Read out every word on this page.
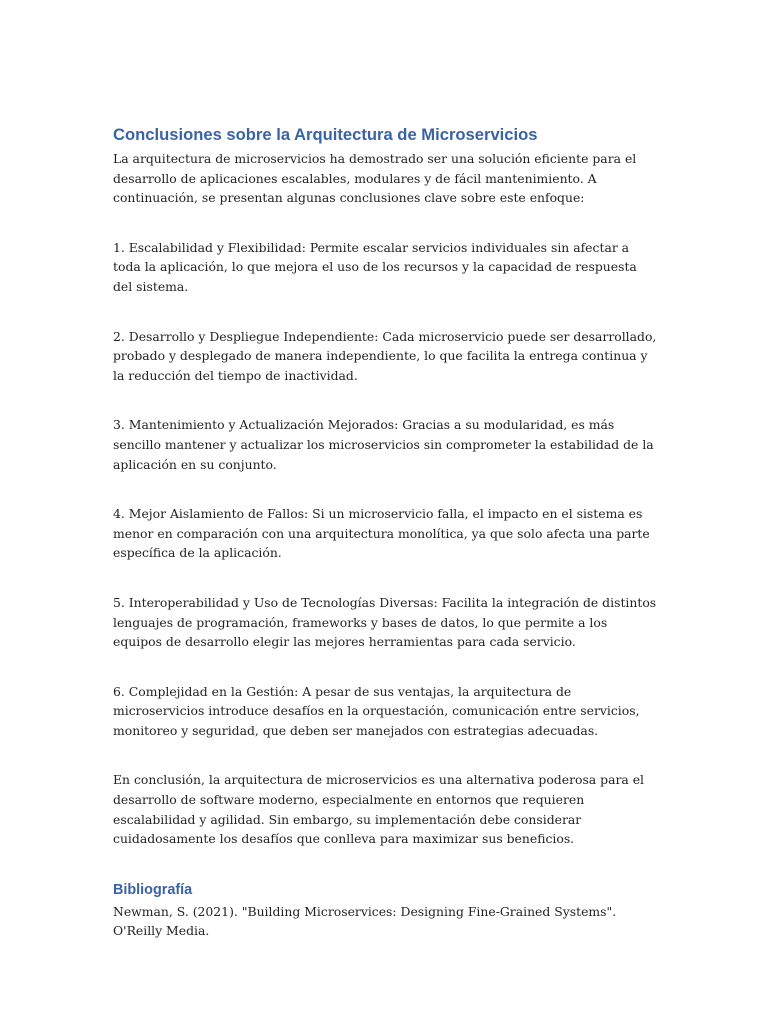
Conclusiones sobre la Arquitectura de Microservicios

La arquitectura de microservicios ha demostrado ser una solución eficiente para el desarrollo de aplicaciones escalables, modulares y de fácil mantenimiento. A continuación, se presentan algunas conclusiones clave sobre este enfoque:

1. Escalabilidad y Flexibilidad: Permite escalar servicios individuales sin afectar a toda la aplicación, lo que mejora el uso de los recursos y la capacidad de respuesta del sistema.

2. Desarrollo y Despliegue Independiente: Cada microservicio puede ser desarrollado, probado y desplegado de manera independiente, lo que facilita la entrega continua y la reducción del tiempo de inactividad.

3. Mantenimiento y Actualización Mejorados: Gracias a su modularidad, es más sencillo mantener y actualizar los microservicios sin comprometer la estabilidad de la aplicación en su conjunto.

4. Mejor Aislamiento de Fallos: Si un microservicio falla, el impacto en el sistema es menor en comparación con una arquitectura monolítica, ya que solo afecta una parte específica de la aplicación.

5. Interoperabilidad y Uso de Tecnologías Diversas: Facilita la integración de distintos lenguajes de programación, frameworks y bases de datos, lo que permite a los equipos de desarrollo elegir las mejores herramientas para cada servicio.

6. Complejidad en la Gestión: A pesar de sus ventajas, la arquitectura de microservicios introduce desafíos en la orquestación, comunicación entre servicios, monitoreo y seguridad, que deben ser manejados con estrategias adecuadas.

En conclusión, la arquitectura de microservicios es una alternativa poderosa para el desarrollo de software moderno, especialmente en entornos que requieren escalabilidad y agilidad. Sin embargo, su implementación debe considerar cuidadosamente los desafíos que conlleva para maximizar sus beneficios.

Bibliografía

Newman, S. (2021). "Building Microservices: Designing Fine-Grained Systems". O'Reilly Media.
